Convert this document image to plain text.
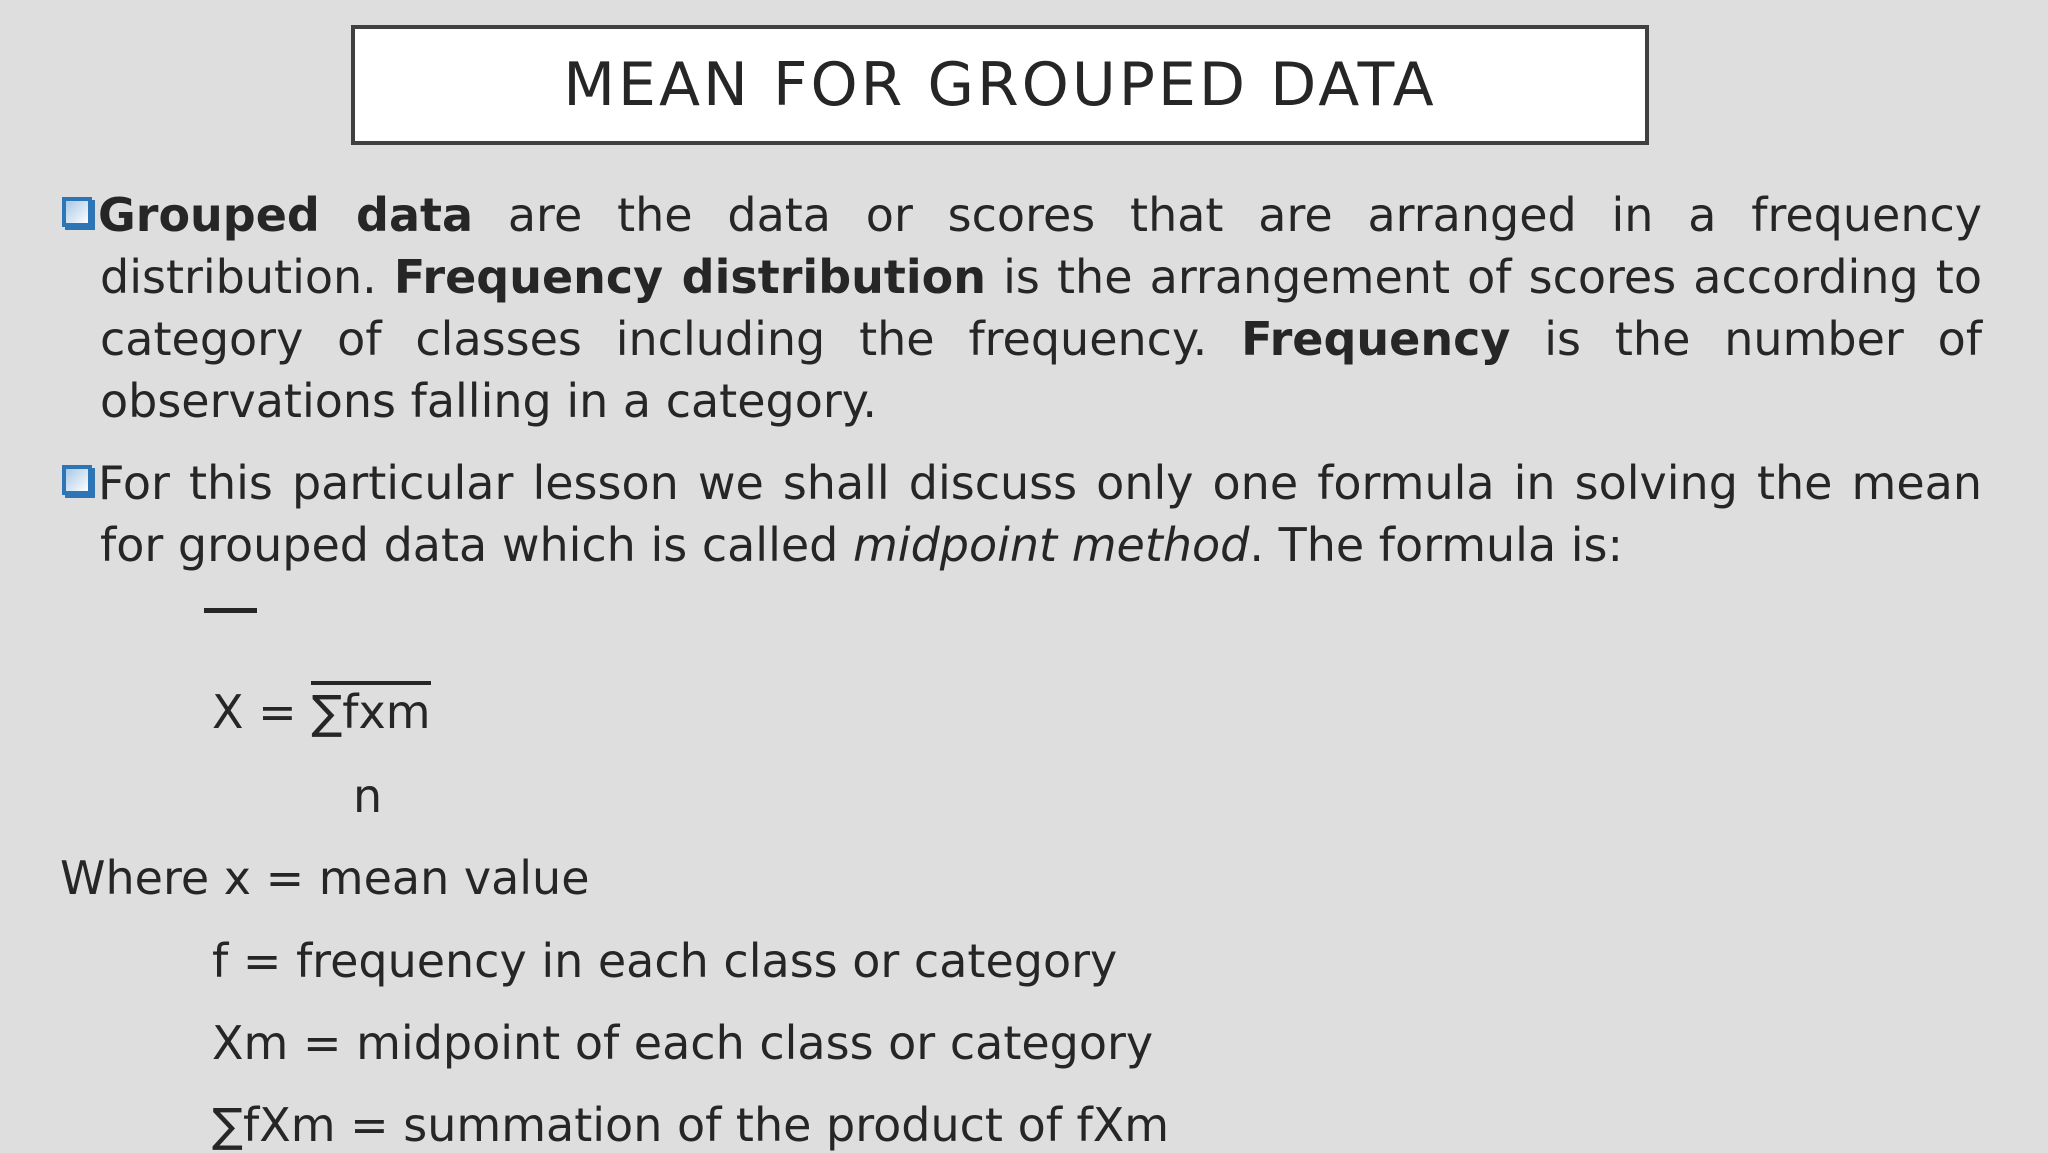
MEAN FOR GROUPED DATA
Grouped data are the data or scores that are arranged in a frequency distribution. Frequency distribution is the arrangement of scores according to category of classes including the frequency. Frequency is the number of observations falling in a category.
For this particular lesson we shall discuss only one formula in solving the mean for grouped data which is called midpoint method. The formula is:
X = ∑fxm
n
Where x = mean value
f = frequency in each class or category
Xm = midpoint of each class or category
∑fXm = summation of the product of fXm
